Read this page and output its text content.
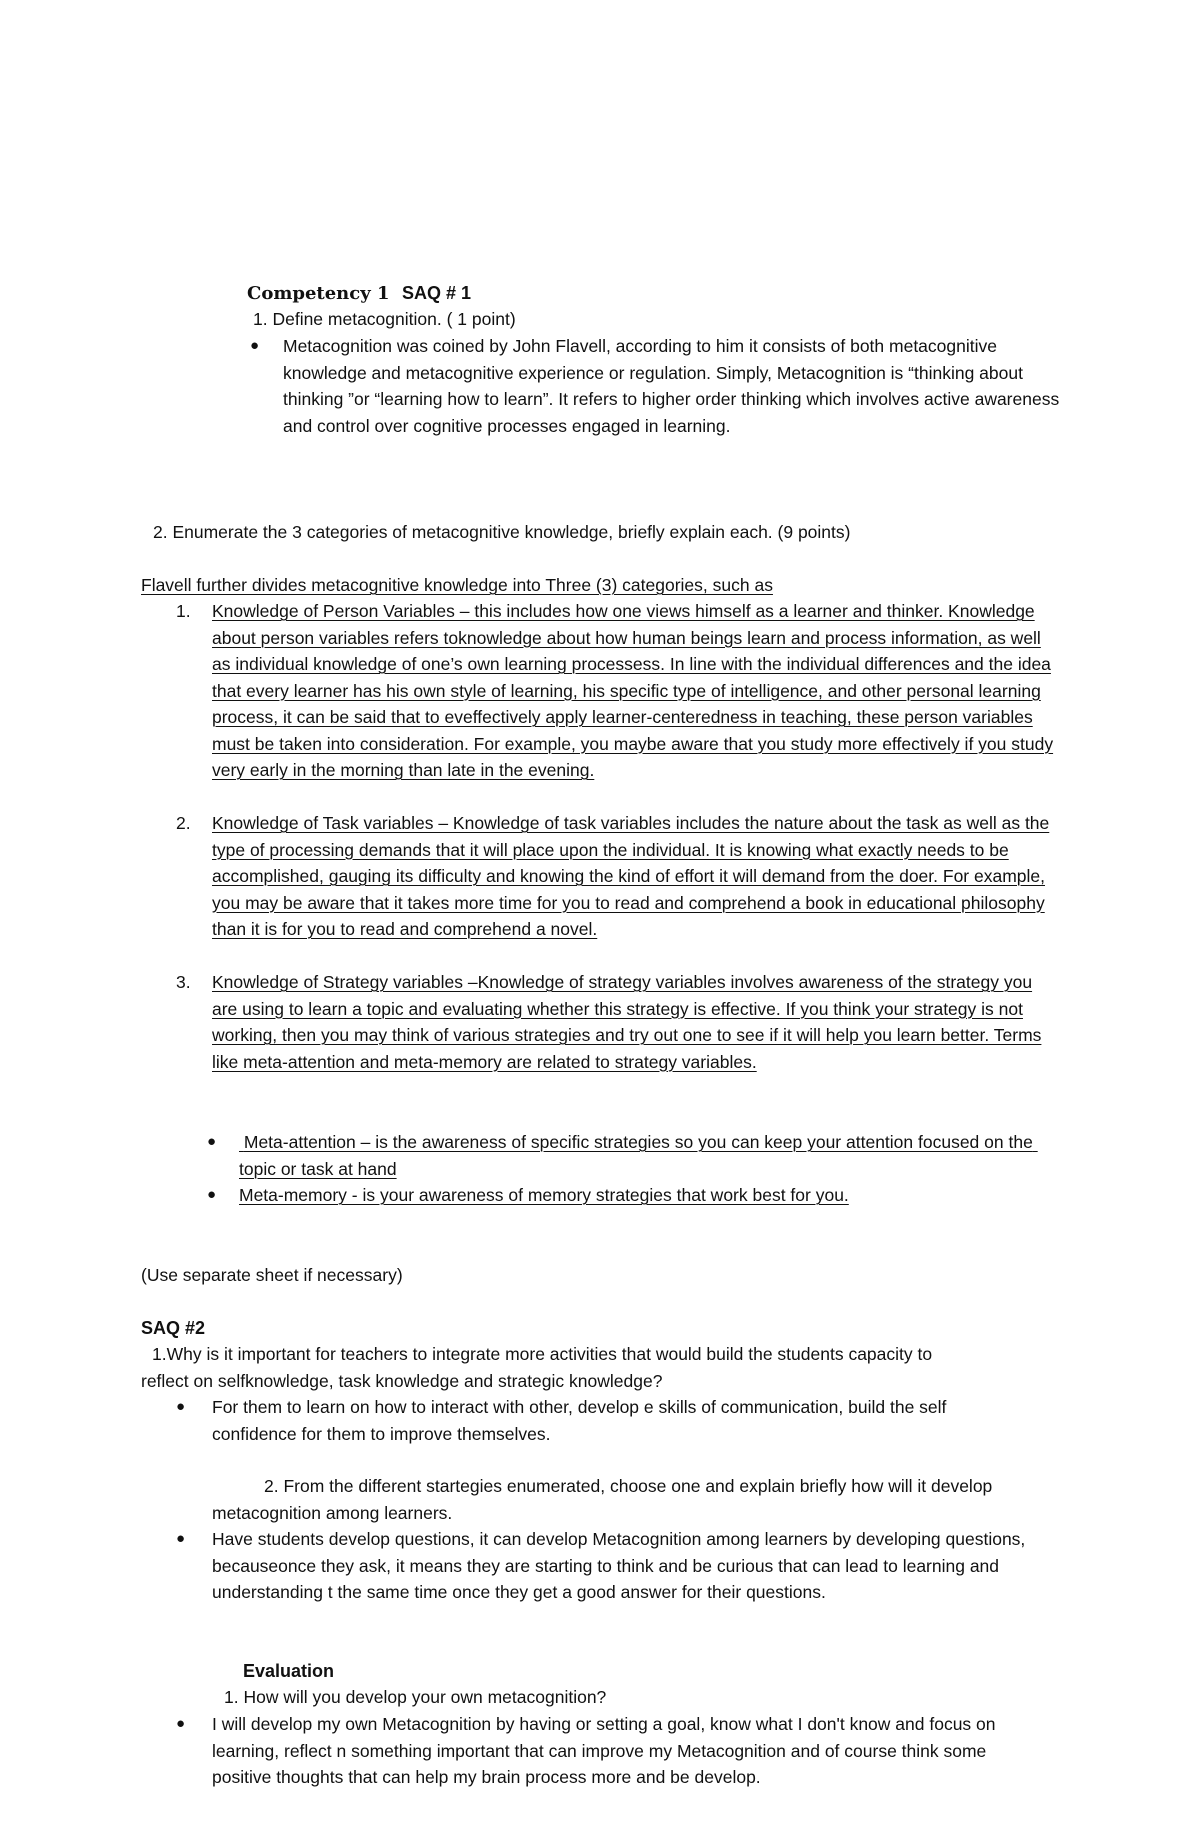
Competency 1 SAQ # 1
1. Define metacognition. ( 1 point)
● Metacognition was coined by John Flavell, according to him it consists of both metacognitive knowledge and metacognitive experience or regulation. Simply, Metacognition is “thinking about thinking ”or “learning how to learn”. It refers to higher order thinking which involves active awareness and control over cognitive processes engaged in learning.

2. Enumerate the 3 categories of metacognitive knowledge, briefly explain each. (9 points)
Flavell further divides metacognitive knowledge into Three (3) categories, such as
1. Knowledge of Person Variables – this includes how one views himself as a learner and thinker. Knowledge about person variables refers toknowledge about how human beings learn and process information, as well as individual knowledge of one’s own learning processess. In line with the individual differences and the idea that every learner has his own style of learning, his specific type of intelligence, and other personal learning process, it can be said that to eveffectively apply learner-centeredness in teaching, these person variables must be taken into consideration. For example, you maybe aware that you study more effectively if you study very early in the morning than late in the evening.

2. Knowledge of Task variables – Knowledge of task variables includes the nature about the task as well as the type of processing demands that it will place upon the individual. It is knowing what exactly needs to be accomplished, gauging its difficulty and knowing the kind of effort it will demand from the doer. For example, you may be aware that it takes more time for you to read and comprehend a book in educational philosophy than it is for you to read and comprehend a novel.

3. Knowledge of Strategy variables –Knowledge of strategy variables involves awareness of the strategy you are using to learn a topic and evaluating whether this strategy is effective. If you think your strategy is not working, then you may think of various strategies and try out one to see if it will help you learn better. Terms like meta-attention and meta-memory are related to strategy variables.

● Meta-attention – is the awareness of specific strategies so you can keep your attention focused on the topic or task at hand

● Meta-memory - is your awareness of memory strategies that work best for you.
(Use separate sheet if necessary)
SAQ #2

1.Why is it important for teachers to integrate more activities that would build the students capacity to reflect on selfknowledge, task knowledge and strategic knowledge?

● For them to learn on how to interact with other, develop e skills of communication, build the self confidence for them to improve themselves.

2. From the different startegies enumerated, choose one and explain briefly how will it develop metacognition among learners.

● Have students develop questions, it can develop Metacognition among learners by developing questions, becauseonce they ask, it means they are starting to think and be curious that can lead to learning and understanding t the same time once they get a good answer for their questions.

Evaluation
1. How will you develop your own metacognition?
● I will develop my own Metacognition by having or setting a goal, know what I don't know and focus on learning, reflect n something important that can improve my Metacognition and of course think some positive thoughts that can help my brain process more and be develop.
